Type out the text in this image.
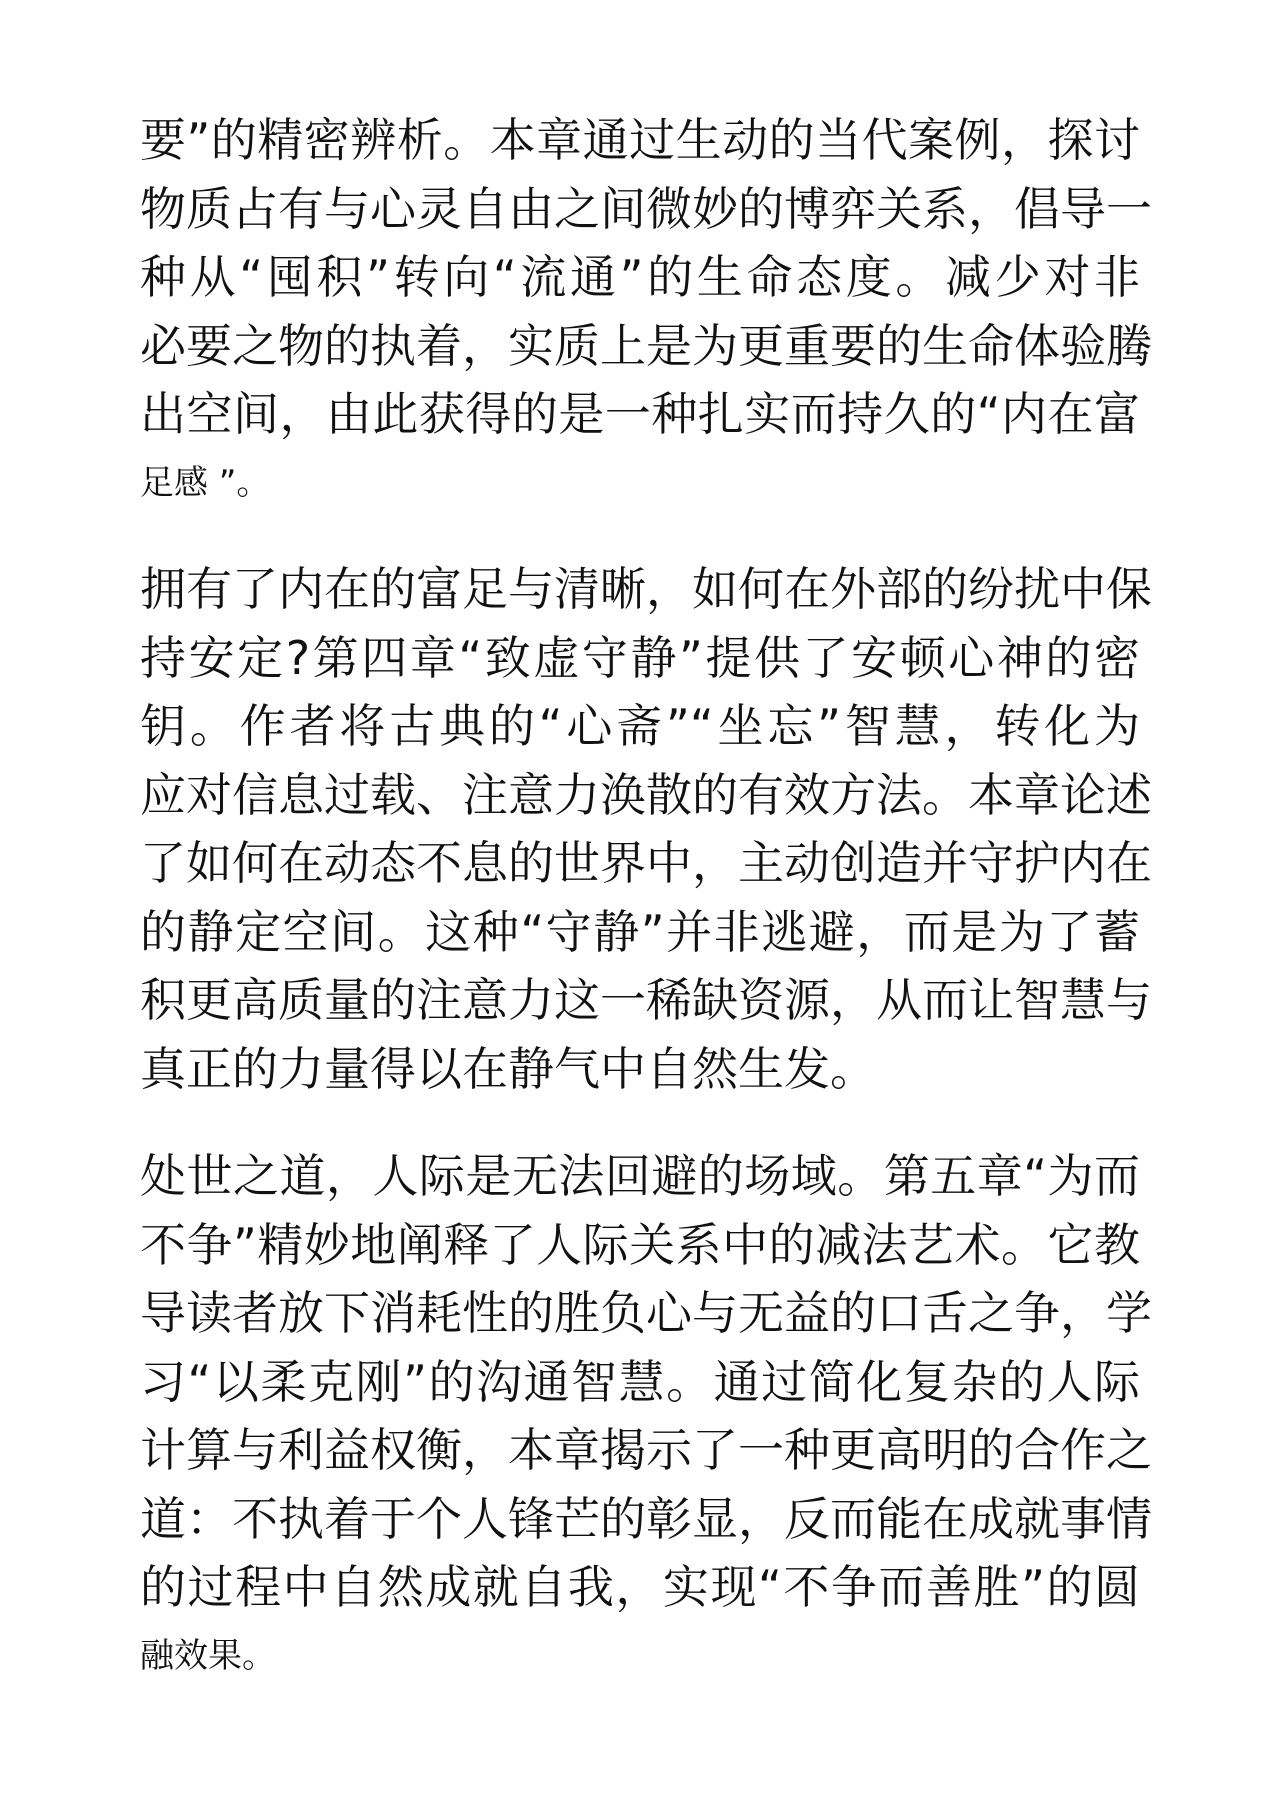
要”的精密辨析。本章通过生动的当代案例，探讨
物质占有与心灵自由之间微妙的博弈关系，倡导一
种从“囤积”转向“流通”的生命态度。减少对非
必要之物的执着，实质上是为更重要的生命体验腾
出空间，由此获得的是一种扎实而持久的“内在富
足感 ”。
拥有了内在的富足与清晰，如何在外部的纷扰中保
持安定?第四章“致虚守静”提供了安顿心神的密
钥。作者将古典的“心斋”“坐忘”智慧，转化为
应对信息过载、注意力涣散的有效方法。本章论述
了如何在动态不息的世界中，主动创造并守护内在
的静定空间。这种“守静”并非逃避，而是为了蓄
积更高质量的注意力这一稀缺资源，从而让智慧与
真正的力量得以在静气中自然生发。
处世之道，人际是无法回避的场域。第五章“为而
不争”精妙地阐释了人际关系中的减法艺术。它教
导读者放下消耗性的胜负心与无益的口舌之争，学
习“以柔克刚”的沟通智慧。通过简化复杂的人际
计算与利益权衡，本章揭示了一种更高明的合作之
道：不执着于个人锋芒的彰显，反而能在成就事情
的过程中自然成就自我，实现“不争而善胜”的圆
融效果。
